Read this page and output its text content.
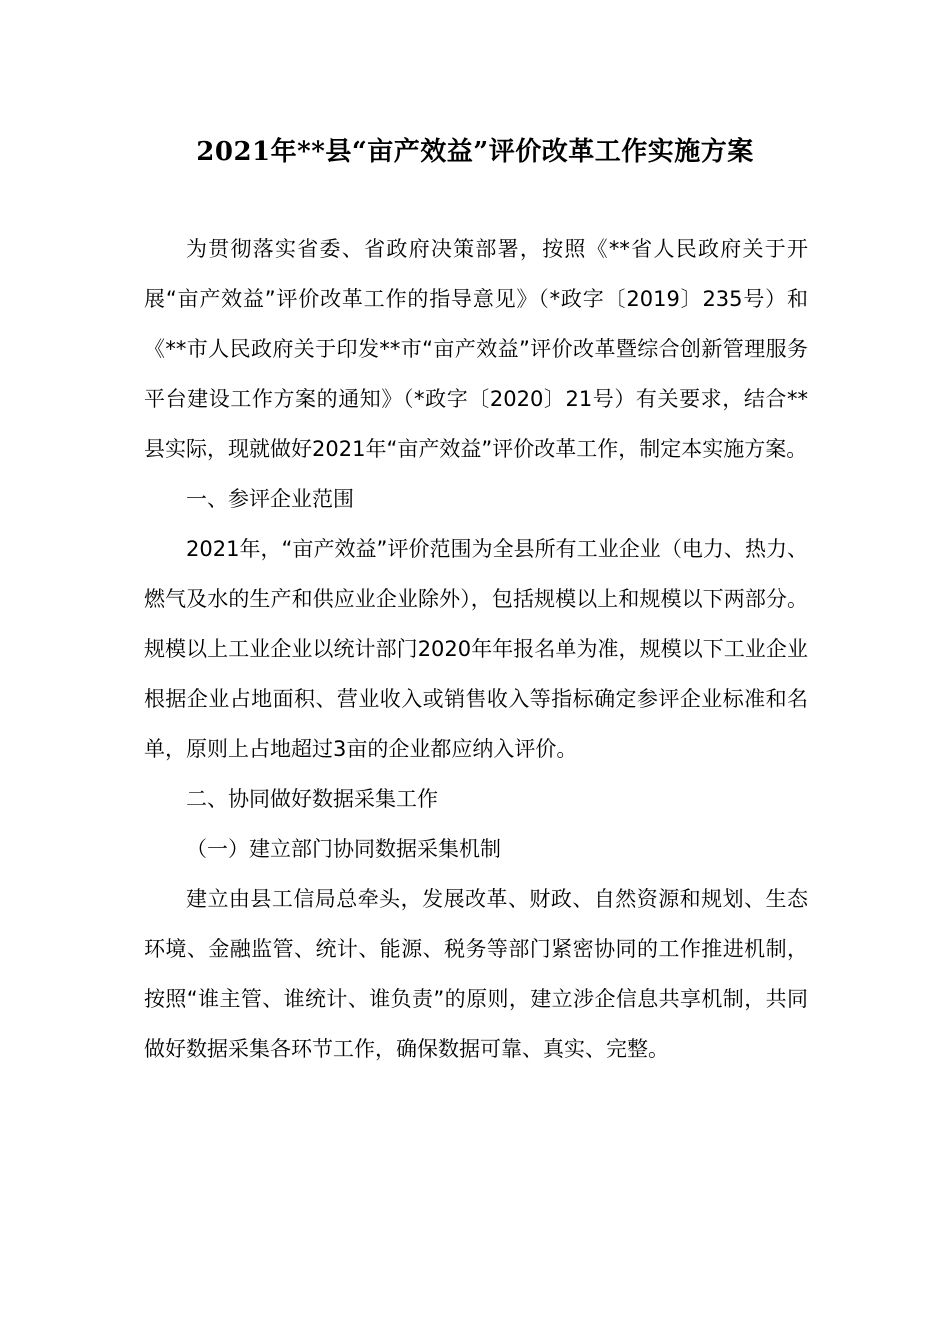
2021年**县“亩产效益”评价改革工作实施方案

为贯彻落实省委、省政府决策部署，按照《**省人民政府关于开展“亩产效益”评价改革工作的指导意见》（*政字〔2019〕235号）和《**市人民政府关于印发**市“亩产效益”评价改革暨综合创新管理服务平台建设工作方案的通知》（*政字〔2020〕21号）有关要求，结合**县实际，现就做好2021年“亩产效益”评价改革工作，制定本实施方案。

一、参评企业范围

2021年，“亩产效益”评价范围为全县所有工业企业（电力、热力、燃气及水的生产和供应业企业除外），包括规模以上和规模以下两部分。规模以上工业企业以统计部门2020年年报名单为准，规模以下工业企业根据企业占地面积、营业收入或销售收入等指标确定参评企业标准和名单，原则上占地超过3亩的企业都应纳入评价。

二、协同做好数据采集工作

（一）建立部门协同数据采集机制

建立由县工信局总牵头，发展改革、财政、自然资源和规划、生态环境、金融监管、统计、能源、税务等部门紧密协同的工作推进机制，按照“谁主管、谁统计、谁负责”的原则，建立涉企信息共享机制，共同做好数据采集各环节工作，确保数据可靠、真实、完整。
